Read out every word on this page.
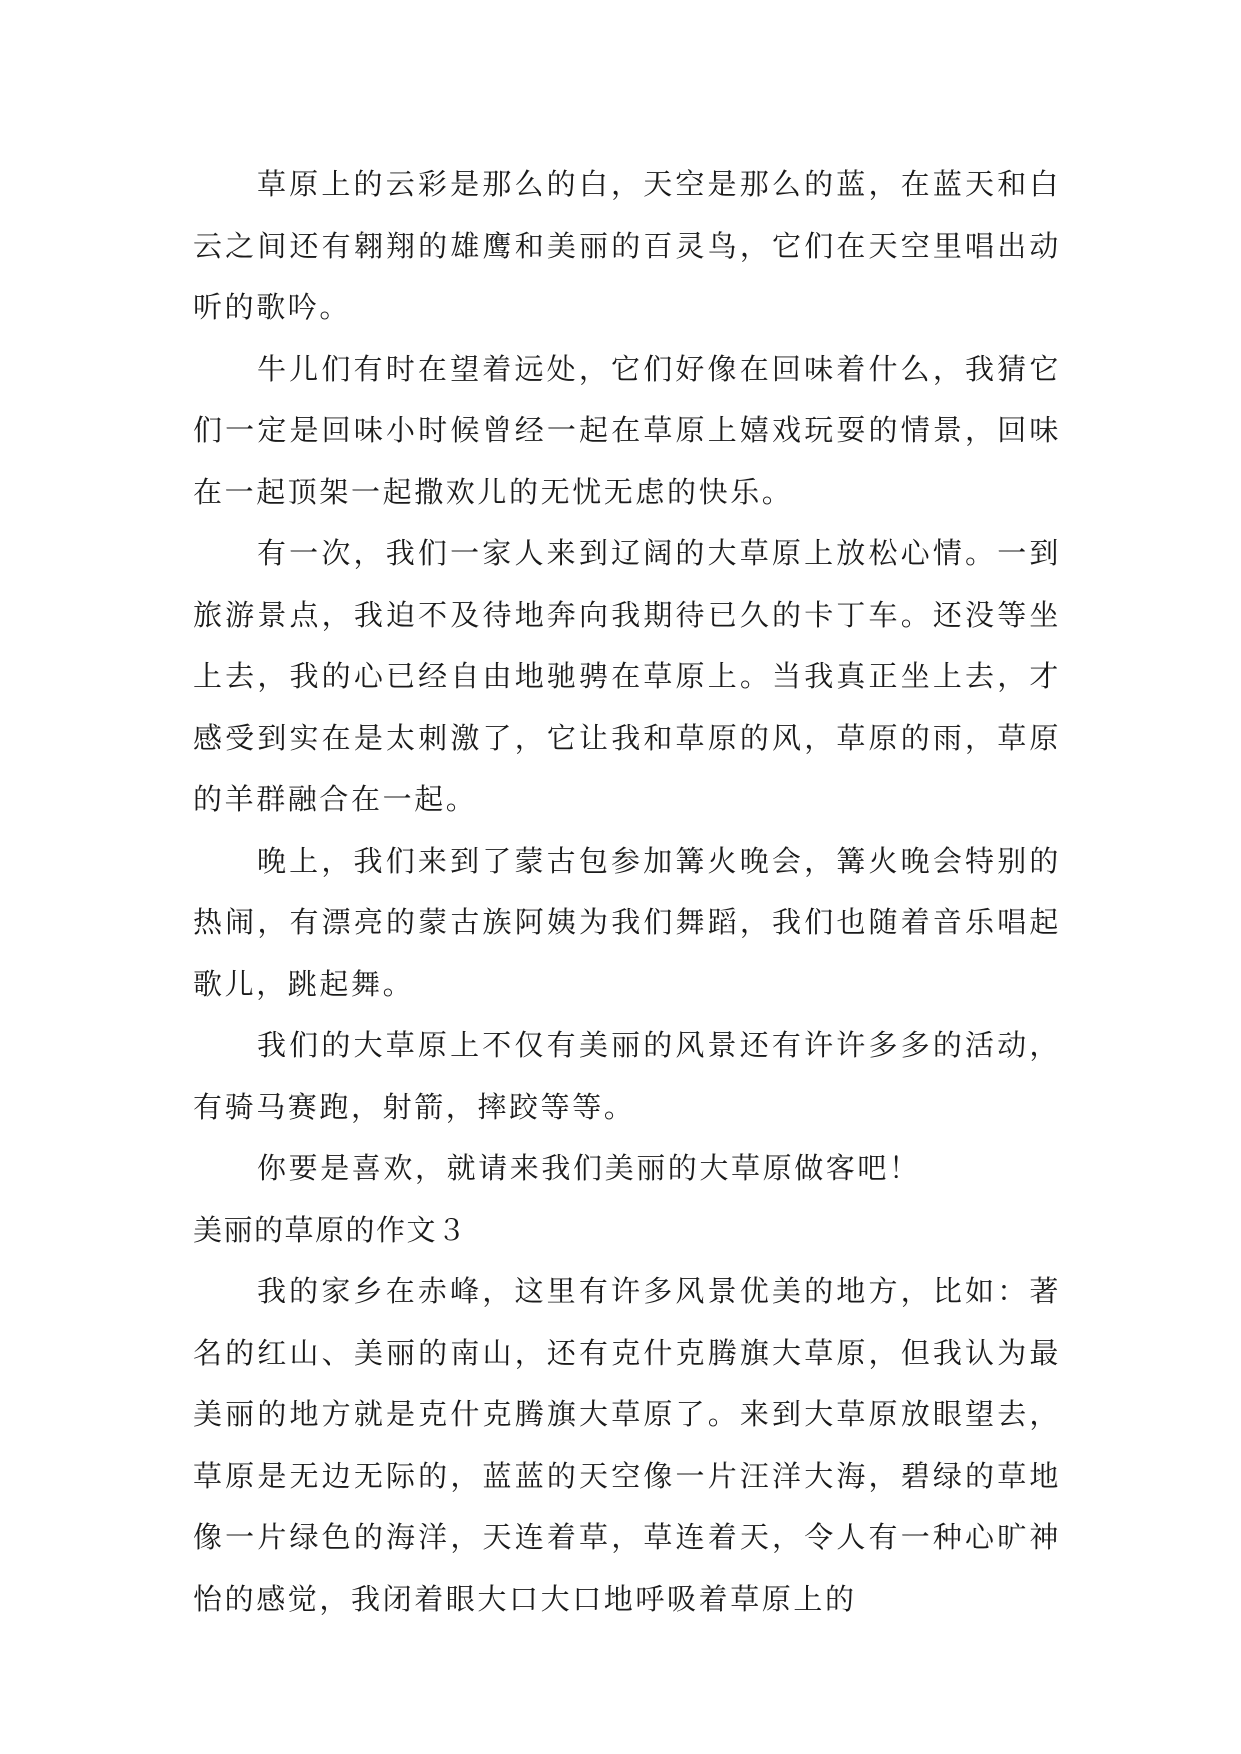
草原上的云彩是那么的白，天空是那么的蓝，在蓝天和白云之间还有翱翔的雄鹰和美丽的百灵鸟，它们在天空里唱出动听的歌吟。

牛儿们有时在望着远处，它们好像在回味着什么，我猜它们一定是回味小时候曾经一起在草原上嬉戏玩耍的情景，回味在一起顶架一起撒欢儿的无忧无虑的快乐。

有一次，我们一家人来到辽阔的大草原上放松心情。一到旅游景点，我迫不及待地奔向我期待已久的卡丁车。还没等坐上去，我的心已经自由地驰骋在草原上。当我真正坐上去，才感受到实在是太刺激了，它让我和草原的风，草原的雨，草原的羊群融合在一起。

晚上，我们来到了蒙古包参加篝火晚会，篝火晚会特别的热闹，有漂亮的蒙古族阿姨为我们舞蹈，我们也随着音乐唱起歌儿，跳起舞。

我们的大草原上不仅有美丽的风景还有许许多多的活动，有骑马赛跑，射箭，摔跤等等。

你要是喜欢，就请来我们美丽的大草原做客吧！

美丽的草原的作文３

我的家乡在赤峰，这里有许多风景优美的地方，比如：著名的红山、美丽的南山，还有克什克腾旗大草原，但我认为最美丽的地方就是克什克腾旗大草原了。来到大草原放眼望去，草原是无边无际的，蓝蓝的天空像一片汪洋大海，碧绿的草地像一片绿色的海洋，天连着草，草连着天，令人有一种心旷神怡的感觉，我闭着眼大口大口地呼吸着草原上的
